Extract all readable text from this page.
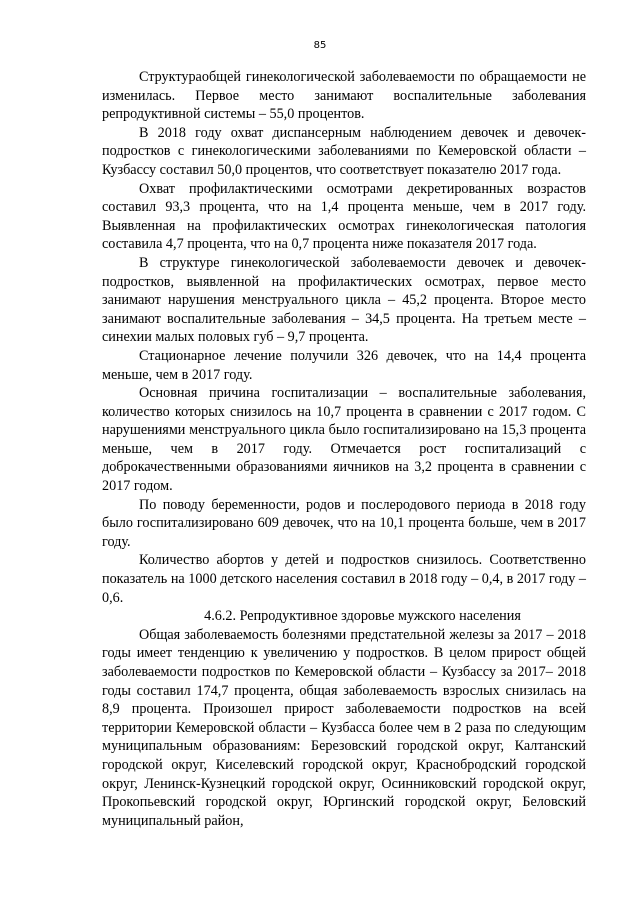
85

Структураобщей гинекологической заболеваемости по обращаемости не изменилась. Первое место занимают воспалительные заболевания репродуктивной системы – 55,0 процентов.

В 2018 году охват диспансерным наблюдением девочек и девочек-подростков с гинекологическими заболеваниями по Кемеровской области – Кузбассу составил 50,0 процентов, что соответствует показателю 2017 года.

Охват профилактическими осмотрами декретированных возрастов составил 93,3 процента, что на 1,4 процента меньше, чем в 2017 году. Выявленная на профилактических осмотрах гинекологическая патология составила 4,7 процента, что на 0,7 процента ниже показателя 2017 года.

В структуре гинекологической заболеваемости девочек и девочек-подростков, выявленной на профилактических осмотрах, первое место занимают нарушения менструального цикла – 45,2 процента. Второе место занимают воспалительные заболевания – 34,5 процента. На третьем месте – синехии малых половых губ – 9,7 процента.

Стационарное лечение получили 326 девочек, что на 14,4 процента меньше, чем в 2017 году.

Основная причина госпитализации – воспалительные заболевания, количество которых снизилось на 10,7 процента в сравнении с 2017 годом. С нарушениями менструального цикла было госпитализировано на 15,3 процента меньше, чем в 2017 году. Отмечается рост госпитализаций с доброкачественными образованиями яичников на 3,2 процента в сравнении с 2017 годом.

По поводу беременности, родов и послеродового периода в 2018 году было госпитализировано 609 девочек, что на 10,1 процента больше, чем в 2017 году.

Количество абортов у детей и подростков снизилось. Соответственно показатель на 1000 детского населения составил в 2018 году – 0,4, в 2017 году – 0,6.

4.6.2. Репродуктивное здоровье мужского населения

Общая заболеваемость болезнями предстательной железы за 2017 – 2018 годы имеет тенденцию к увеличению у подростков. В целом прирост общей заболеваемости подростков по Кемеровской области – Кузбассу за 2017– 2018 годы составил 174,7 процента, общая заболеваемость взрослых снизилась на 8,9 процента. Произошел прирост заболеваемости подростков на всей территории Кемеровской области – Кузбасса более чем в 2 раза по следующим муниципальным образованиям: Березовский городской округ, Калтанский городской округ, Киселевский городской округ, Краснобродский городской округ, Ленинск-Кузнецкий городской округ, Осинниковский городской округ, Прокопьевский городской округ, Юргинский городской округ, Беловский муниципальный район,
